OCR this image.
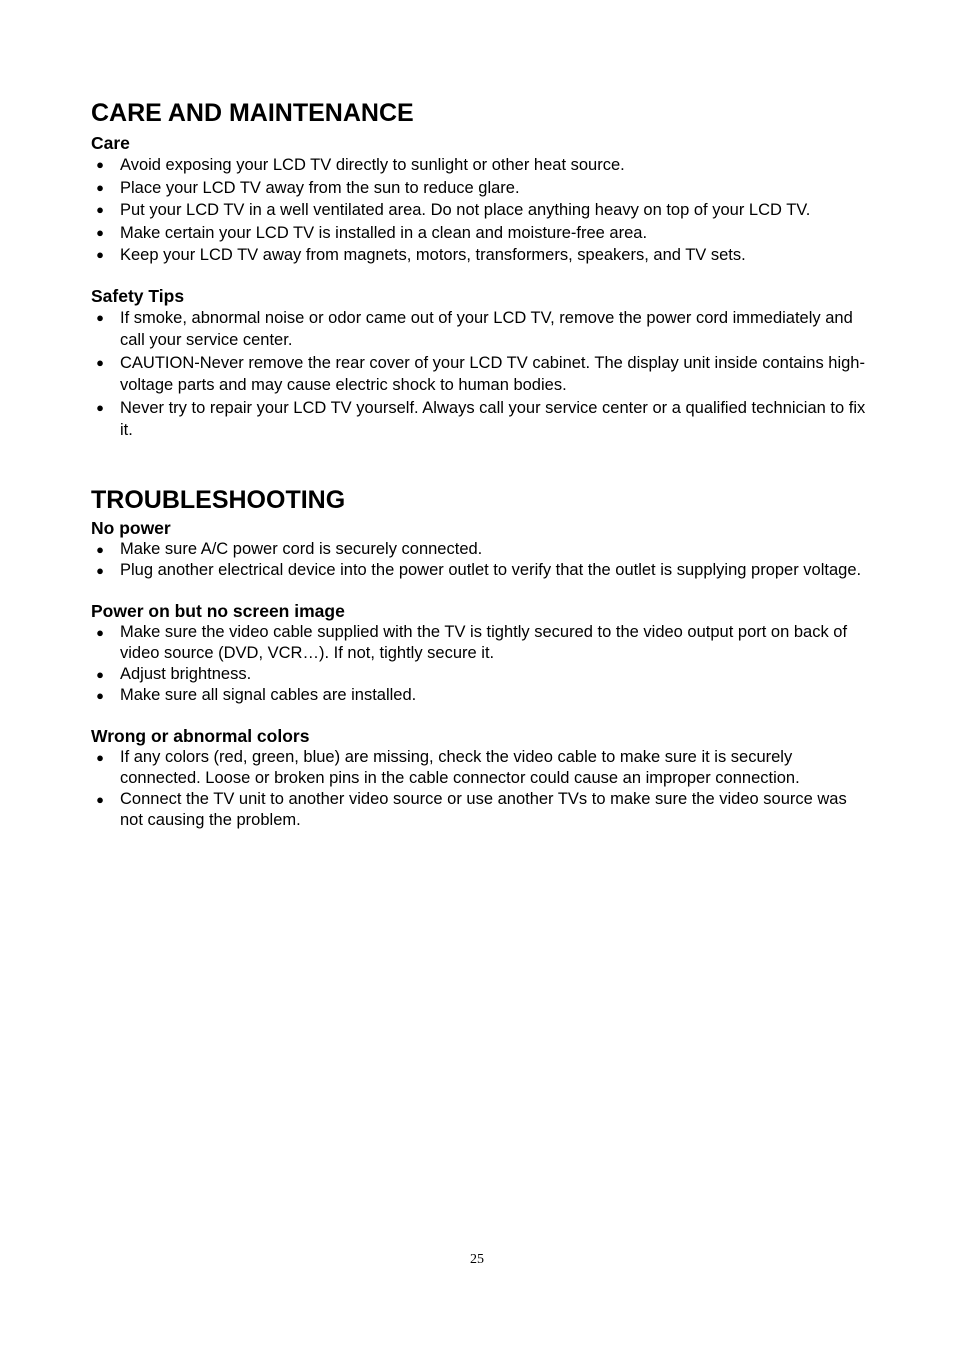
CARE AND MAINTENANCE
Care
● Avoid exposing your LCD TV directly to sunlight or other heat source.
● Place your LCD TV away from the sun to reduce glare.
● Put your LCD TV in a well ventilated area. Do not place anything heavy on top of your LCD TV.
● Make certain your LCD TV is installed in a clean and moisture-free area.
● Keep your LCD TV away from magnets, motors, transformers, speakers, and TV sets.
Safety Tips
● If smoke, abnormal noise or odor came out of your LCD TV, remove the power cord immediately and call your service center.
● CAUTION-Never remove the rear cover of your LCD TV cabinet. The display unit inside contains high-voltage parts and may cause electric shock to human bodies.
● Never try to repair your LCD TV yourself. Always call your service center or a qualified technician to fix it.
TROUBLESHOOTING
No power
● Make sure A/C power cord is securely connected.
● Plug another electrical device into the power outlet to verify that the outlet is supplying proper voltage.
Power on but no screen image
● Make sure the video cable supplied with the TV is tightly secured to the video output port on back of video source (DVD, VCR…). If not, tightly secure it.
● Adjust brightness.
● Make sure all signal cables are installed.
Wrong or abnormal colors
● If any colors (red, green, blue) are missing, check the video cable to make sure it is securely connected. Loose or broken pins in the cable connector could cause an improper connection.
● Connect the TV unit to another video source or use another TVs to make sure the video source was not causing the problem.
25
